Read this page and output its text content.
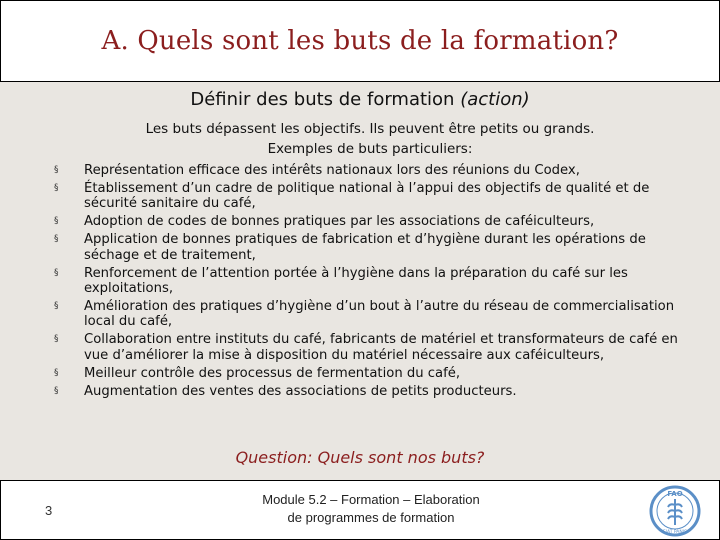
A. Quels sont les buts de la formation?
Définir des buts de formation (action)
Les buts dépassent les objectifs. Ils peuvent être petits ou grands.
Exemples de buts particuliers:
§ Représentation efficace des intérêts nationaux lors des réunions du Codex,
§ Établissement d’un cadre de politique national à l’appui des objectifs de qualité et de sécurité sanitaire du café,
§ Adoption de codes de bonnes pratiques par les associations de caféiculteurs,
§ Application de bonnes pratiques de fabrication et d’hygiène durant les opérations de séchage et de traitement,
§ Renforcement de l’attention portée à l’hygiène dans la préparation du café sur les exploitations,
§ Amélioration des pratiques d’hygiène d’un bout à l’autre du réseau de commercialisation local du café,
§ Collaboration entre instituts du café, fabricants de matériel et transformateurs de café en vue d’améliorer la mise à disposition du matériel nécessaire aux caféiculteurs,
§ Meilleur contrôle des processus de fermentation du café,
§ Augmentation des ventes des associations de petits producteurs.
Question: Quels sont nos buts?
3
Module 5.2 – Formation – Elaboration
de programmes de formation
FAO
FIAT PANIS
